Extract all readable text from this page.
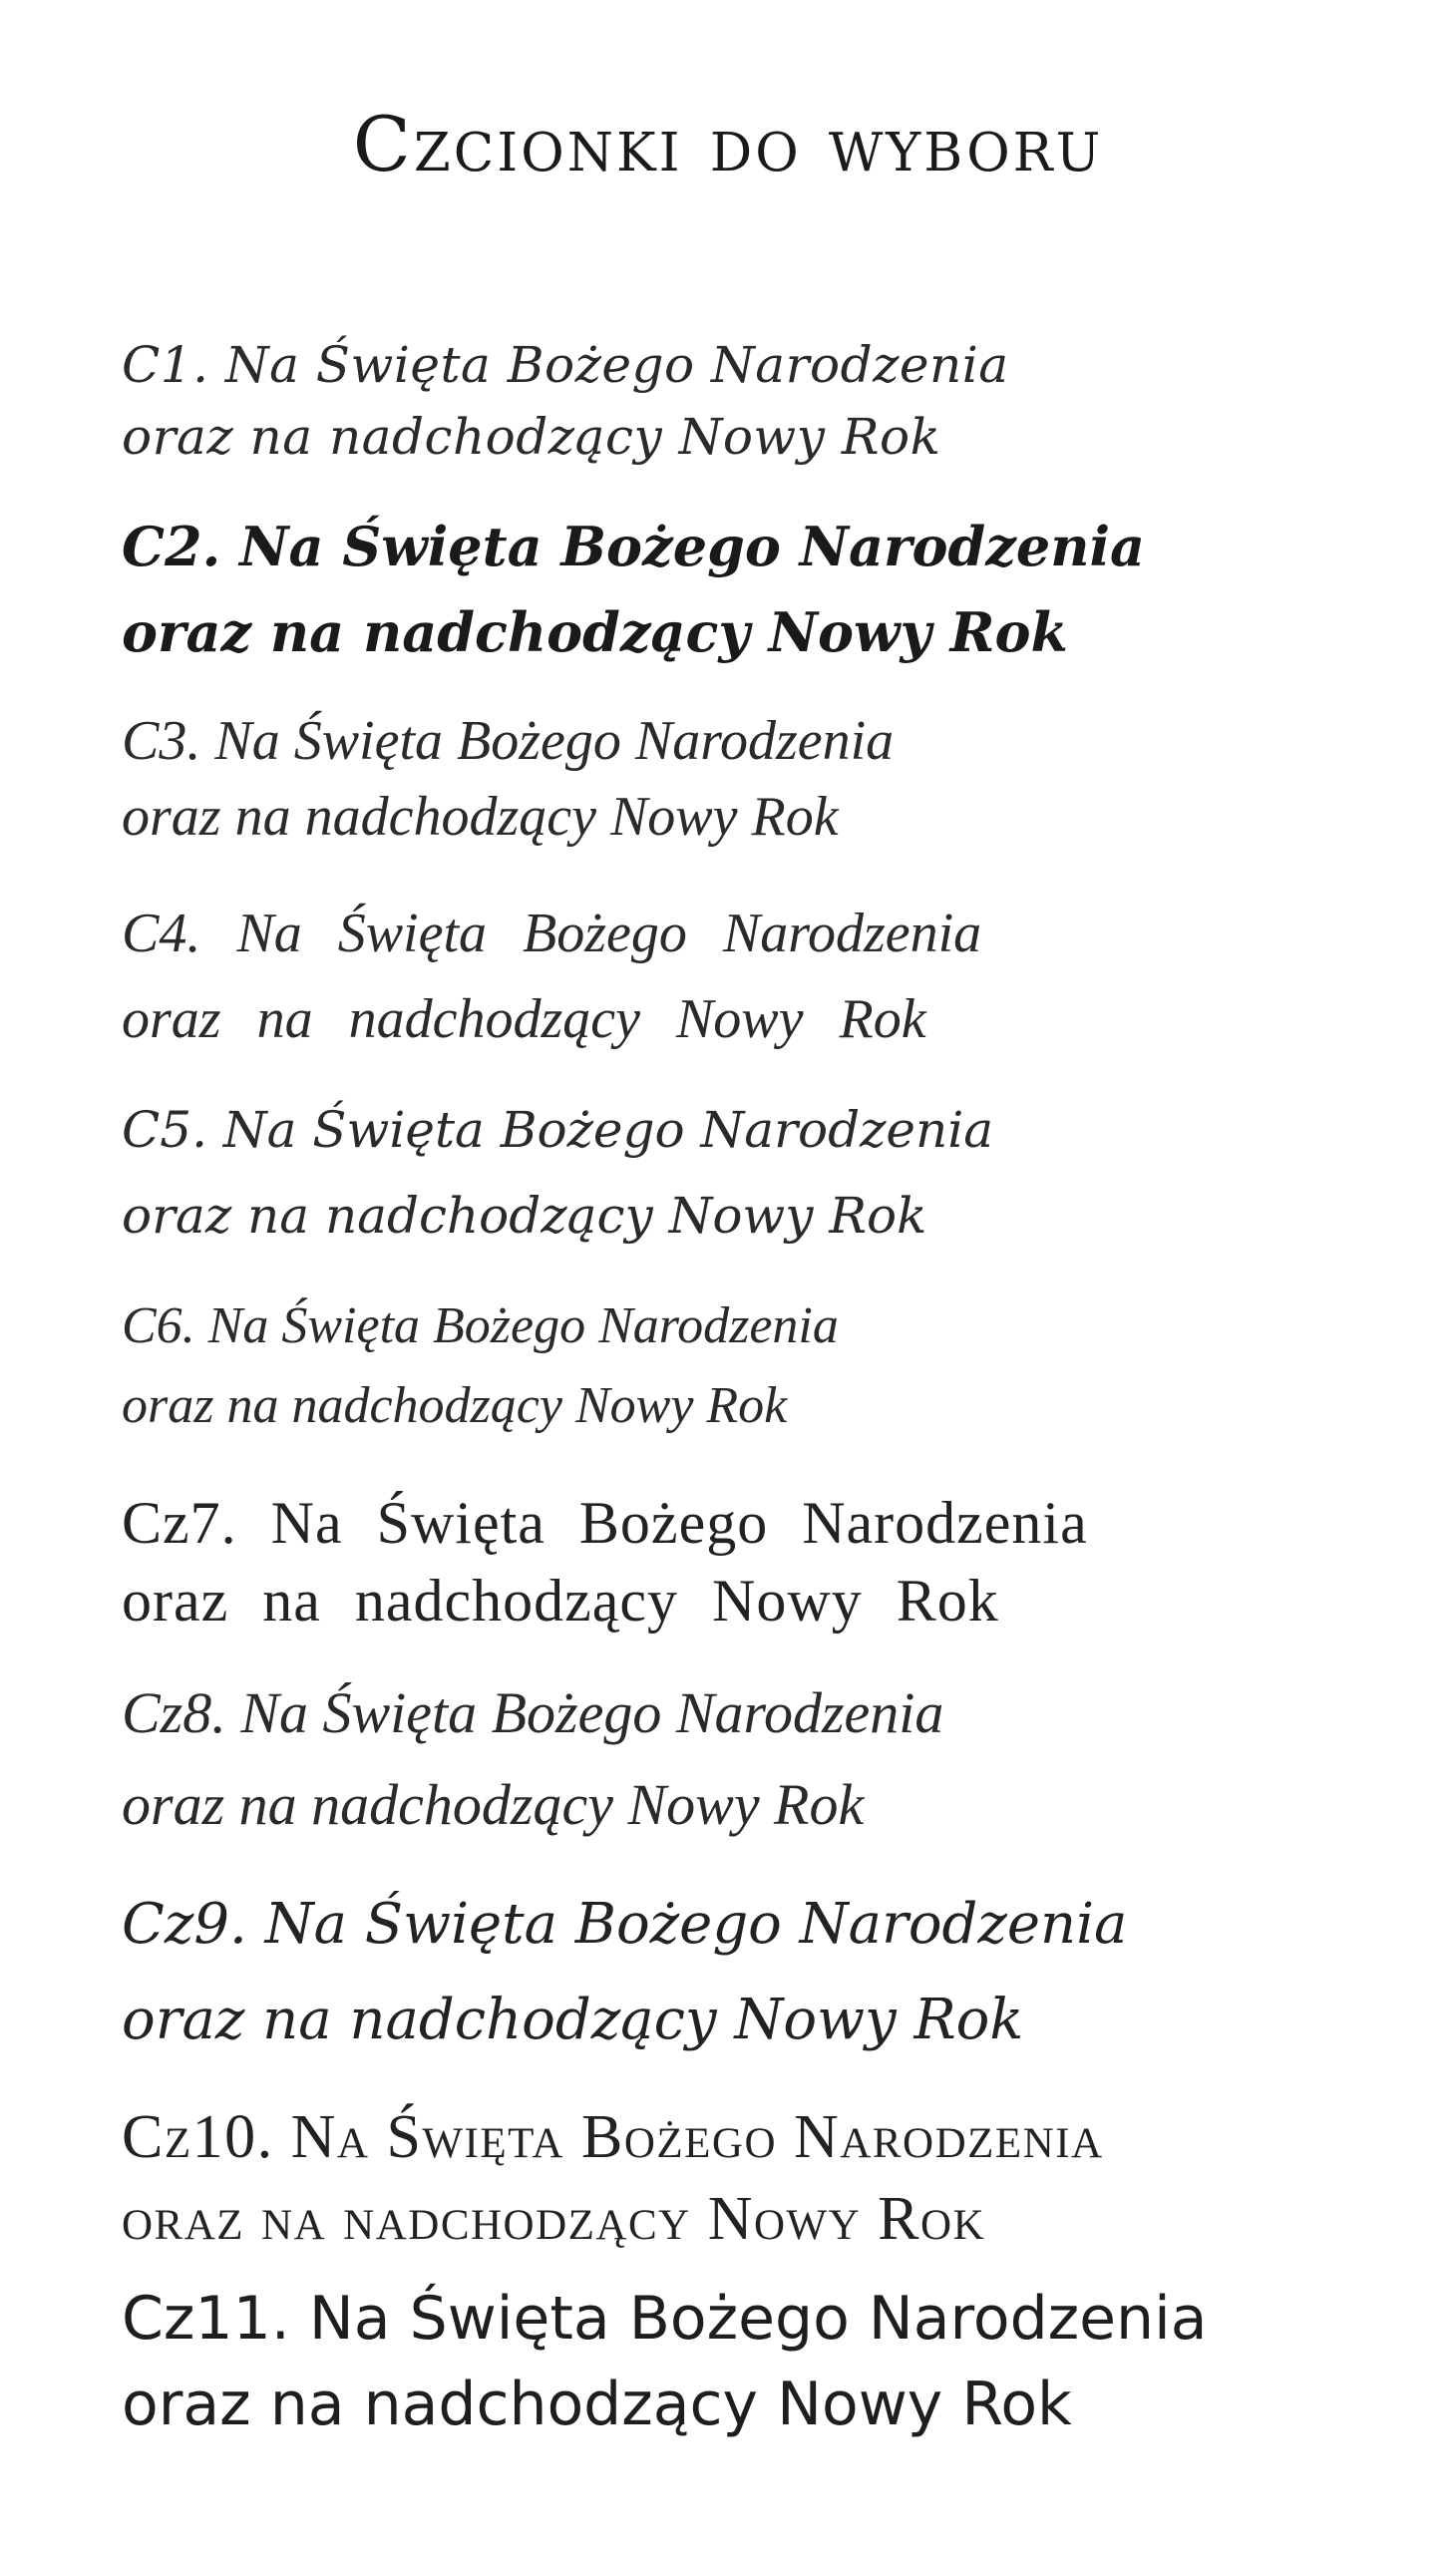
Czcionki do wyboru
C1. Na Święta Bożego Narodzenia
oraz na nadchodzący Nowy Rok
C2. Na Święta Bożego Narodzenia
oraz na nadchodzący Nowy Rok
C3. Na Święta Bożego Narodzenia
oraz na nadchodzący Nowy Rok
C4. Na Święta Bożego Narodzenia
oraz na nadchodzący Nowy Rok
C5. Na Święta Bożego Narodzenia
oraz na nadchodzący Nowy Rok
C6. Na Święta Bożego Narodzenia
oraz na nadchodzący Nowy Rok
Cz7. Na Święta Bożego Narodzenia
oraz na nadchodzący Nowy Rok
Cz8. Na Święta Bożego Narodzenia
oraz na nadchodzący Nowy Rok
Cz9. Na Święta Bożego Narodzenia
oraz na nadchodzący Nowy Rok
Cz10. Na Święta Bożego Narodzenia
oraz na nadchodzący Nowy Rok
Cz11. Na Święta Bożego Narodzenia
oraz na nadchodzący Nowy Rok
